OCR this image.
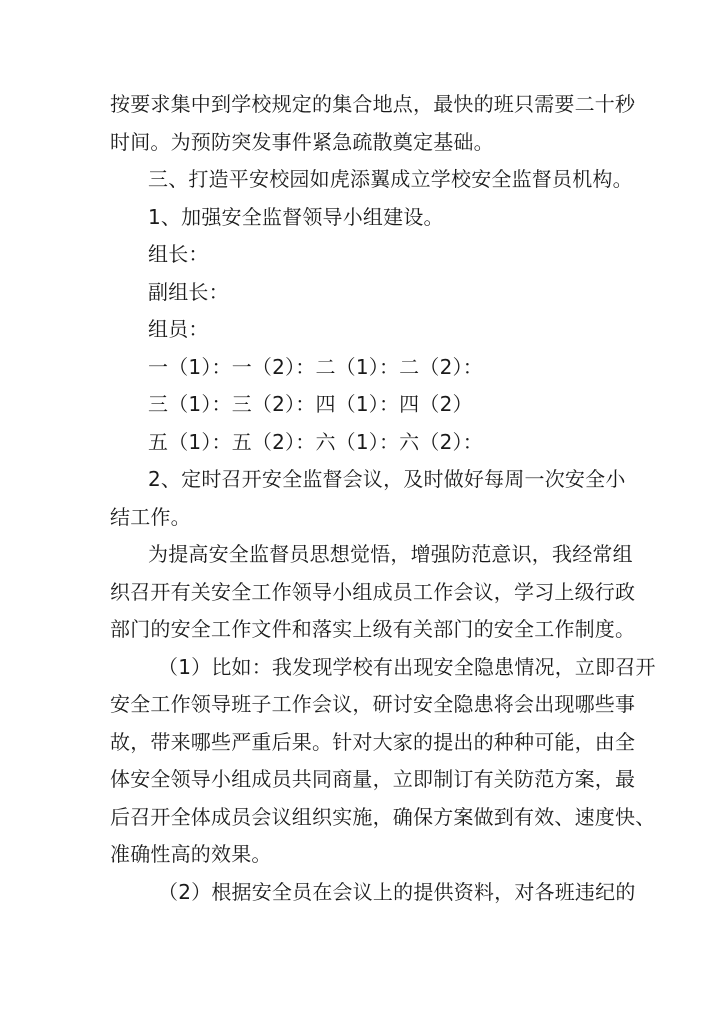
按要求集中到学校规定的集合地点，最快的班只需要二十秒
时间。为预防突发事件紧急疏散奠定基础。
三、打造平安校园如虎添翼成立学校安全监督员机构。
1、加强安全监督领导小组建设。
组长：
副组长：
组员：
一（1）：一（2）：二（1）：二（2）：
三（1）：三（2）：四（1）：四（2）
五（1）：五（2）：六（1）：六（2）：
2、定时召开安全监督会议，及时做好每周一次安全小
结工作。
为提高安全监督员思想觉悟，增强防范意识，我经常组
织召开有关安全工作领导小组成员工作会议，学习上级行政
部门的安全工作文件和落实上级有关部门的安全工作制度。
（1）比如：我发现学校有出现安全隐患情况，立即召开
安全工作领导班子工作会议，研讨安全隐患将会出现哪些事
故，带来哪些严重后果。针对大家的提出的种种可能，由全
体安全领导小组成员共同商量，立即制订有关防范方案，最
后召开全体成员会议组织实施，确保方案做到有效、速度快、
准确性高的效果。
（2）根据安全员在会议上的提供资料，对各班违纪的
